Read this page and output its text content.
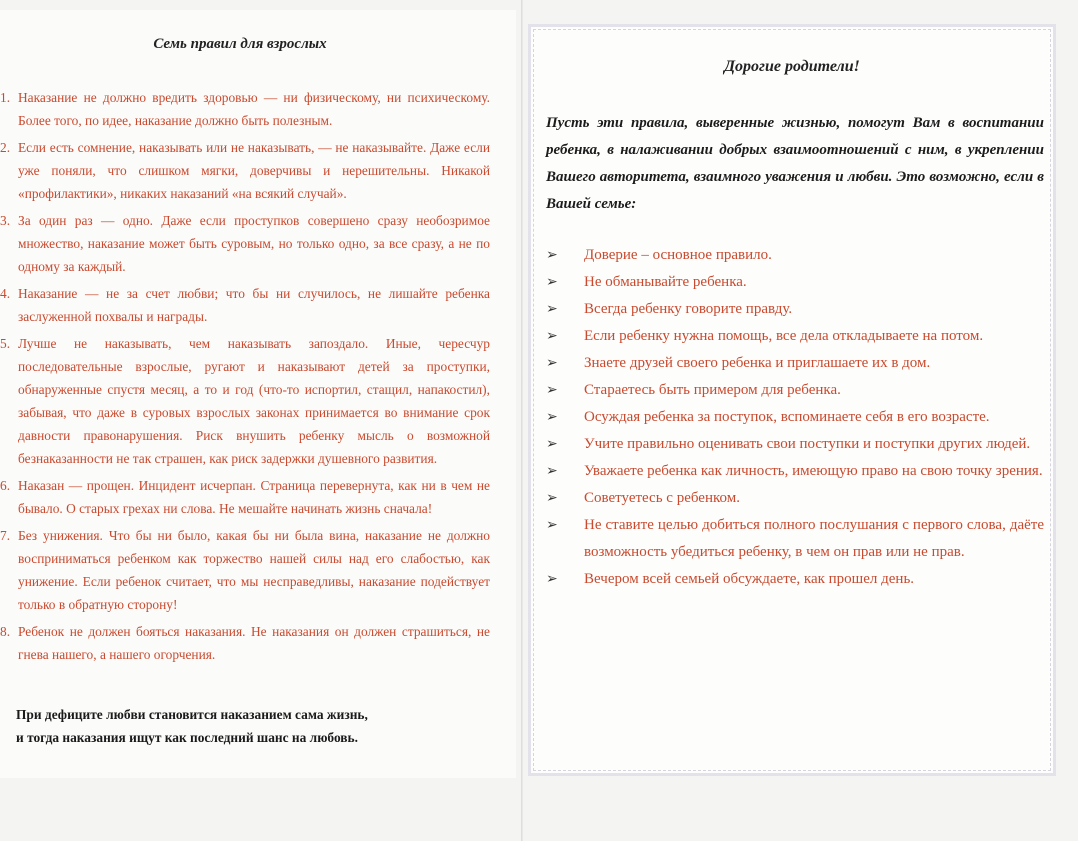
Семь правил для взрослых
1. Наказание не должно вредить здоровью — ни физическому, ни психическому. Более того, по идее, наказание должно быть полезным.
2. Если есть сомнение, наказывать или не наказывать, — не наказывайте. Даже если уже поняли, что слишком мягки, доверчивы и нерешительны. Никакой «профилактики», никаких наказаний «на всякий случай».
3. За один раз — одно. Даже если проступков совершено сразу необозримое множество, наказание может быть суровым, но только одно, за все сразу, а не по одному за каждый.
4. Наказание — не за счет любви; что бы ни случилось, не лишайте ребенка заслуженной похвалы и награды.
5. Лучше не наказывать, чем наказывать запоздало. Иные, чересчур последовательные взрослые, ругают и наказывают детей за проступки, обнаруженные спустя месяц, а то и год (что-то испортил, стащил, напакостил), забывая, что даже в суровых взрослых законах принимается во внимание срок давности правонарушения. Риск внушить ребенку мысль о возможной безнаказанности не так страшен, как риск задержки душевного развития.
6. Наказан — прощен. Инцидент исчерпан. Страница перевернута, как ни в чем не бывало. О старых грехах ни слова. Не мешайте начинать жизнь сначала!
7. Без унижения. Что бы ни было, какая бы ни была вина, наказание не должно восприниматься ребенком как торжество нашей силы над его слабостью, как унижение. Если ребенок считает, что мы несправедливы, наказание подействует только в обратную сторону!
8. Ребенок не должен бояться наказания. Не наказания он должен страшиться, не гнева нашего, а нашего огорчения.
При дефиците любви становится наказанием сама жизнь,
и тогда наказания ищут как последний шанс на любовь.
Дорогие родители!
Пусть эти правила, выверенные жизнью, помогут Вам в воспитании ребенка, в налаживании добрых взаимоотношений с ним, в укреплении Вашего авторитета, взаимного уважения и любви. Это возможно, если в Вашей семье:
➢ Доверие – основное правило.
➢ Не обманывайте ребенка.
➢ Всегда ребенку говорите правду.
➢ Если ребенку нужна помощь, все дела откладываете на потом.
➢ Знаете друзей своего ребенка и приглашаете их в дом.
➢ Стараетесь быть примером для ребенка.
➢ Осуждая ребенка за поступок, вспоминаете себя в его возрасте.
➢ Учите правильно оценивать свои поступки и поступки других людей.
➢ Уважаете ребенка как личность, имеющую право на свою точку зрения.
➢ Советуетесь с ребенком.
➢ Не ставите целью добиться полного послушания с первого слова, даёте возможность убедиться ребенку, в чем он прав или не прав.
➢ Вечером всей семьей обсуждаете, как прошел день.
